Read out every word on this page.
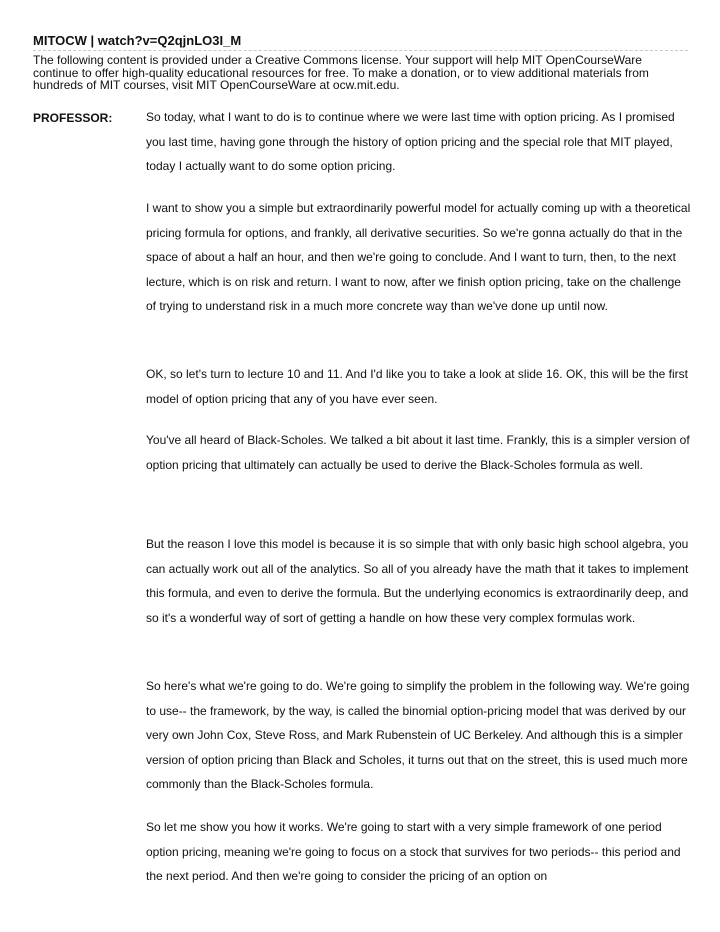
MITOCW | watch?v=Q2qjnLO3I_M
The following content is provided under a Creative Commons license. Your support will help MIT OpenCourseWare continue to offer high-quality educational resources for free. To make a donation, or to view additional materials from hundreds of MIT courses, visit MIT OpenCourseWare at ocw.mit.edu.
PROFESSOR:	So today, what I want to do is to continue where we were last time with option pricing. As I promised you last time, having gone through the history of option pricing and the special role that MIT played, today I actually want to do some option pricing.
I want to show you a simple but extraordinarily powerful model for actually coming up with a theoretical pricing formula for options, and frankly, all derivative securities. So we're gonna actually do that in the space of about a half an hour, and then we're going to conclude. And I want to turn, then, to the next lecture, which is on risk and return. I want to now, after we finish option pricing, take on the challenge of trying to understand risk in a much more concrete way than we've done up until now.
OK, so let's turn to lecture 10 and 11. And I'd like you to take a look at slide 16. OK, this will be the first model of option pricing that any of you have ever seen.
You've all heard of Black-Scholes. We talked a bit about it last time. Frankly, this is a simpler version of option pricing that ultimately can actually be used to derive the Black-Scholes formula as well.
But the reason I love this model is because it is so simple that with only basic high school algebra, you can actually work out all of the analytics. So all of you already have the math that it takes to implement this formula, and even to derive the formula. But the underlying economics is extraordinarily deep, and so it's a wonderful way of sort of getting a handle on how these very complex formulas work.
So here's what we're going to do. We're going to simplify the problem in the following way. We're going to use-- the framework, by the way, is called the binomial option-pricing model that was derived by our very own John Cox, Steve Ross, and Mark Rubenstein of UC Berkeley. And although this is a simpler version of option pricing than Black and Scholes, it turns out that on the street, this is used much more commonly than the Black-Scholes formula.
So let me show you how it works. We're going to start with a very simple framework of one period option pricing, meaning we're going to focus on a stock that survives for two periods-- this period and the next period. And then we're going to consider the pricing of an option on
